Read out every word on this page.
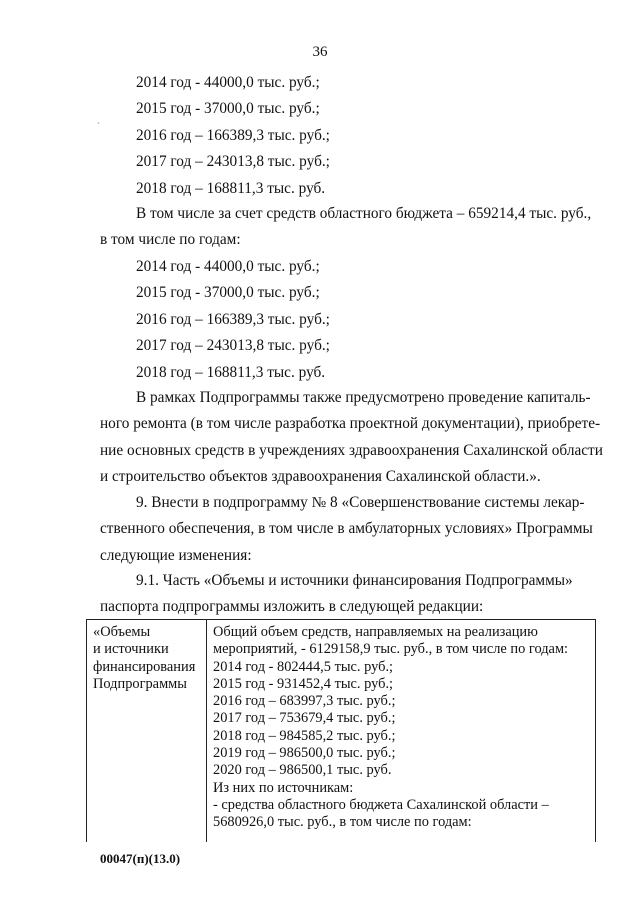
36
ˎ
2014 год - 44000,0 тыс. руб.;
2015 год - 37000,0 тыс. руб.;
2016 год – 166389,3 тыс. руб.;
2017 год – 243013,8 тыс. руб.;
2018 год – 168811,3 тыс. руб.
В том числе за счет средств областного бюджета – 659214,4 тыс. руб.,
в том числе по годам:
2014 год - 44000,0 тыс. руб.;
2015 год - 37000,0 тыс. руб.;
2016 год – 166389,3 тыс. руб.;
2017 год – 243013,8 тыс. руб.;
2018 год – 168811,3 тыс. руб.
В рамках Подпрограммы также предусмотрено проведение капиталь-
ного ремонта (в том числе разработка проектной документации), приобрете-
ние основных средств в учреждениях здравоохранения Сахалинской области
и строительство объектов здравоохранения Сахалинской области.».
9. Внести в подпрограмму № 8 «Совершенствование системы лекар-
ственного обеспечения, в том числе в амбулаторных условиях» Программы
следующие изменения:
9.1. Часть «Объемы и источники финансирования Подпрограммы»
паспорта подпрограммы изложить в следующей редакции:
«Объемы
и источники
финансирования
Подпрограммы
Общий объем средств, направляемых на реализацию
мероприятий, - 6129158,9 тыс. руб., в том числе по годам:
2014 год - 802444,5 тыс. руб.;
2015 год - 931452,4 тыс. руб.;
2016 год – 683997,3 тыс. руб.;
2017 год – 753679,4 тыс. руб.;
2018 год – 984585,2 тыс. руб.;
2019 год – 986500,0 тыс. руб.;
2020 год – 986500,1 тыс. руб.
Из них по источникам:
- средства областного бюджета Сахалинской области –
5680926,0 тыс. руб., в том числе по годам:
00047(п)(13.0)
